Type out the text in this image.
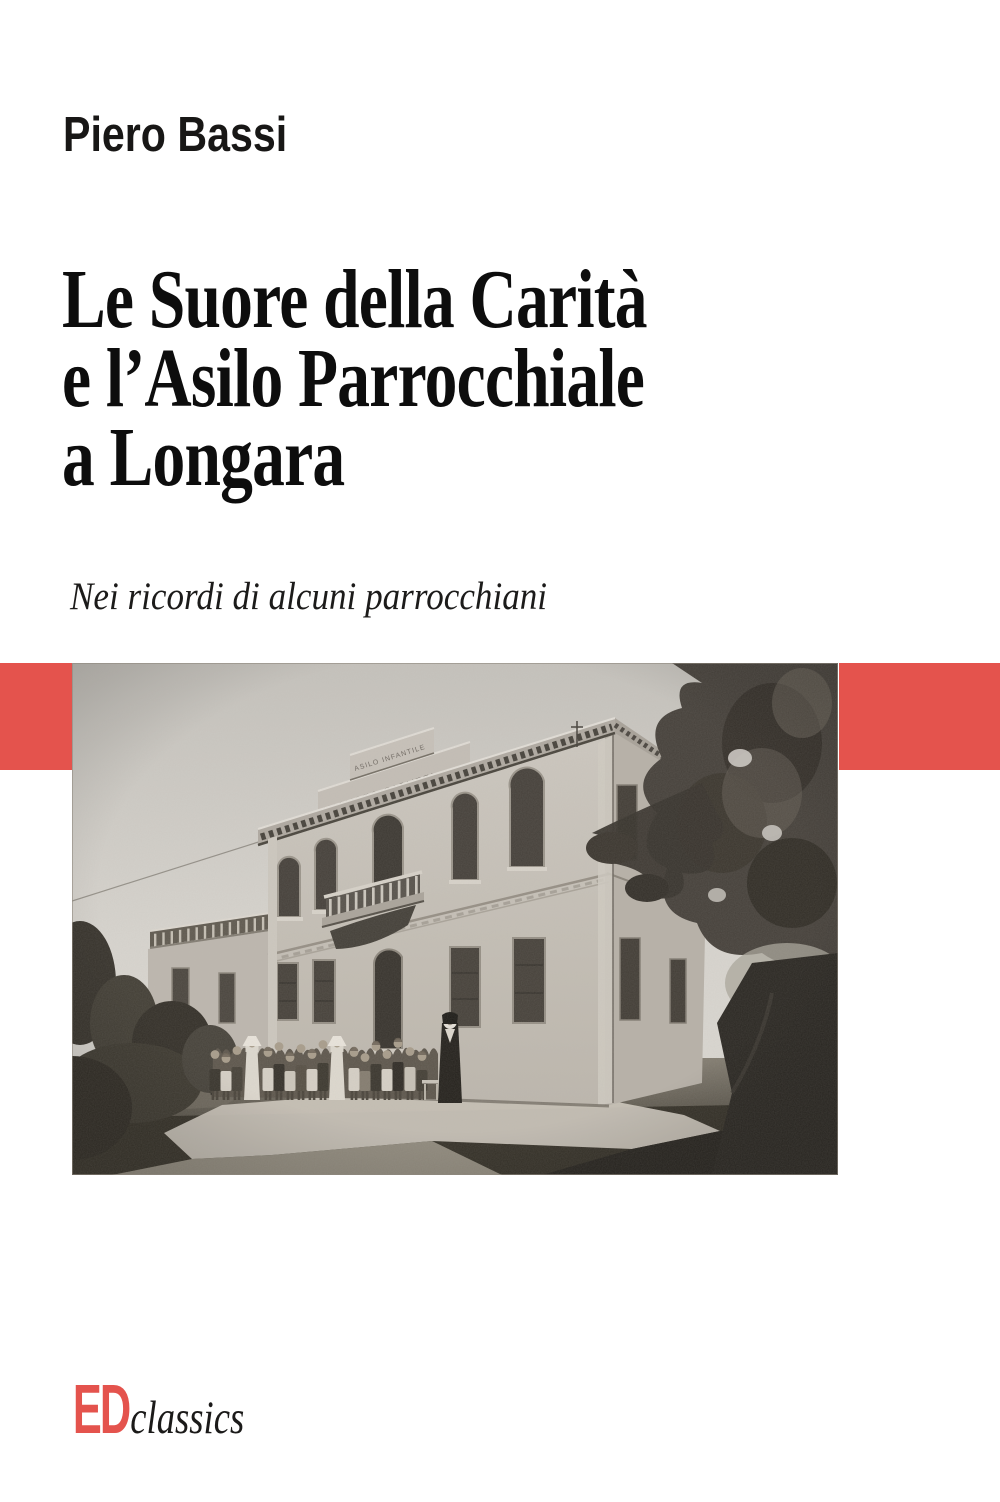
Piero Bassi
Le Suore della Carità
e l’Asilo Parrocchiale
a Longara
Nei ricordi di alcuni parrocchiani
ED classics
